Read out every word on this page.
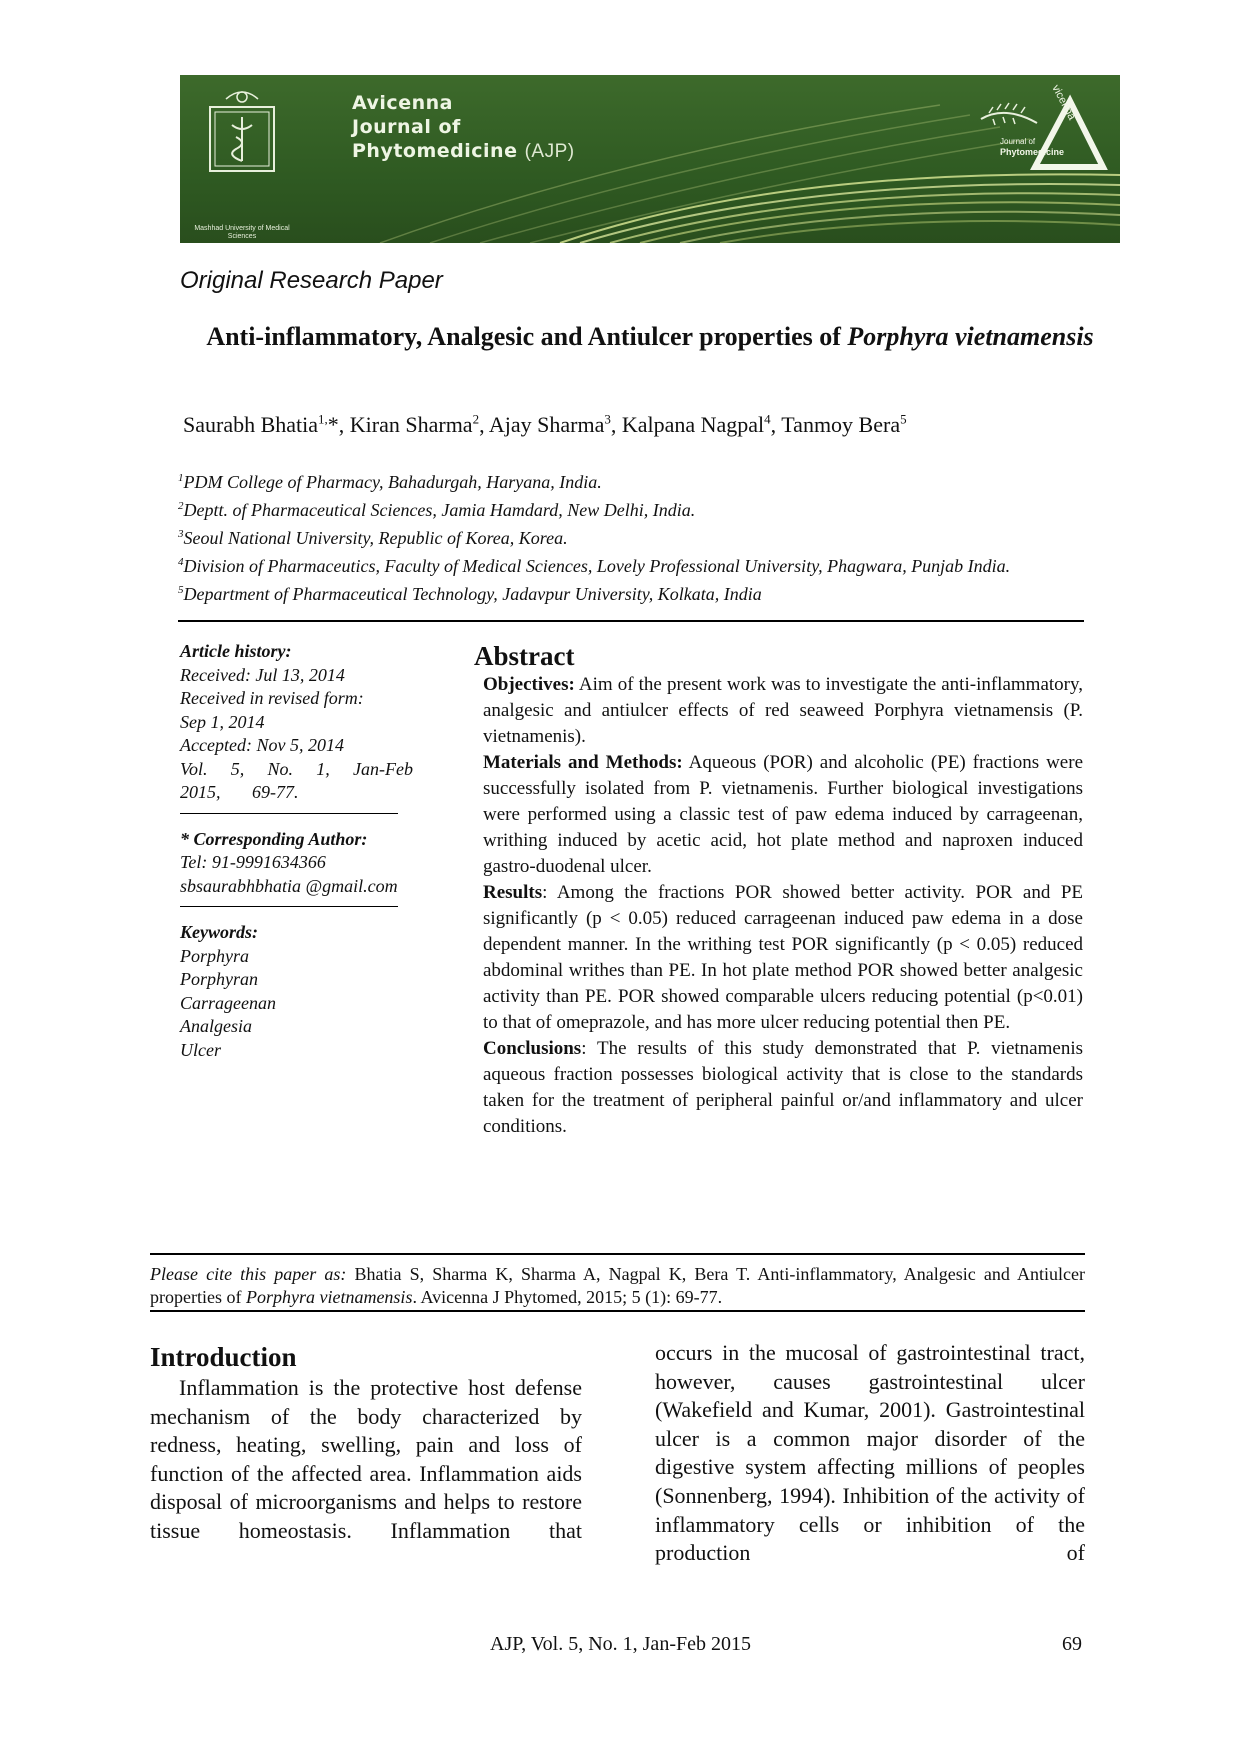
Mashhad University of Medical Sciences
Avicenna
Journal of
Phytomedicine (AJP)
vicenna
Journal of
Phytomedicine
Original Research Paper
Anti-inflammatory, Analgesic and Antiulcer properties of Porphyra vietnamensis
Saurabh Bhatia$^{1,}$*, Kiran Sharma$^2$, Ajay Sharma$^3$, Kalpana Nagpal$^4$, Tanmoy Bera$^5$
$^1$PDM College of Pharmacy, Bahadurgah, Haryana, India.
$^2$Deptt. of Pharmaceutical Sciences, Jamia Hamdard, New Delhi, India.
$^3$Seoul National University, Republic of Korea, Korea.
$^4$Division of Pharmaceutics, Faculty of Medical Sciences, Lovely Professional University, Phagwara, Punjab India.
$^5$Department of Pharmaceutical Technology, Jadavpur University, Kolkata, India
Article history:
Received: Jul 13, 2014
Received in revised form:
Sep 1, 2014
Accepted: Nov 5, 2014
Vol. 5, No. 1, Jan-Feb
2015, 69-77.
* Corresponding Author:
Tel: 91-9991634366
sbsaurabhbhatia @gmail.com
Keywords:
Porphyra
Porphyran
Carrageenan
Analgesia
Ulcer
Abstract

Objectives: Aim of the present work was to investigate the anti-inflammatory, analgesic and antiulcer effects of red seaweed Porphyra vietnamensis (P. vietnamenis).

Materials and Methods: Aqueous (POR) and alcoholic (PE) fractions were successfully isolated from P. vietnamenis. Further biological investigations were performed using a classic test of paw edema induced by carrageenan, writhing induced by acetic acid, hot plate method and naproxen induced gastro-duodenal ulcer.

Results: Among the fractions POR showed better activity. POR and PE significantly (p < 0.05) reduced carrageenan induced paw edema in a dose dependent manner. In the writhing test POR significantly (p < 0.05) reduced abdominal writhes than PE. In hot plate method POR showed better analgesic activity than PE. POR showed comparable ulcers reducing potential (p<0.01) to that of omeprazole, and has more ulcer reducing potential then PE.

Conclusions: The results of this study demonstrated that P. vietnamenis aqueous fraction possesses biological activity that is close to the standards taken for the treatment of peripheral painful or/and inflammatory and ulcer conditions.

Please cite this paper as: Bhatia S, Sharma K, Sharma A, Nagpal K, Bera T. Anti-inflammatory, Analgesic and Antiulcer properties of Porphyra vietnamensis. Avicenna J Phytomed, 2015; 5 (1): 69-77.
Introduction
Inflammation is the protective host defense mechanism of the body characterized by redness, heating, swelling, pain and loss of function of the affected area. Inflammation aids disposal of microorganisms and helps to restore tissue homeostasis. Inflammation that
occurs in the mucosal of gastrointestinal tract, however, causes gastrointestinal ulcer (Wakefield and Kumar, 2001). Gastrointestinal ulcer is a common major disorder of the digestive system affecting millions of peoples (Sonnenberg, 1994). Inhibition of the activity of inflammatory cells or inhibition of the production of
AJP, Vol. 5, No. 1, Jan-Feb 2015	69
